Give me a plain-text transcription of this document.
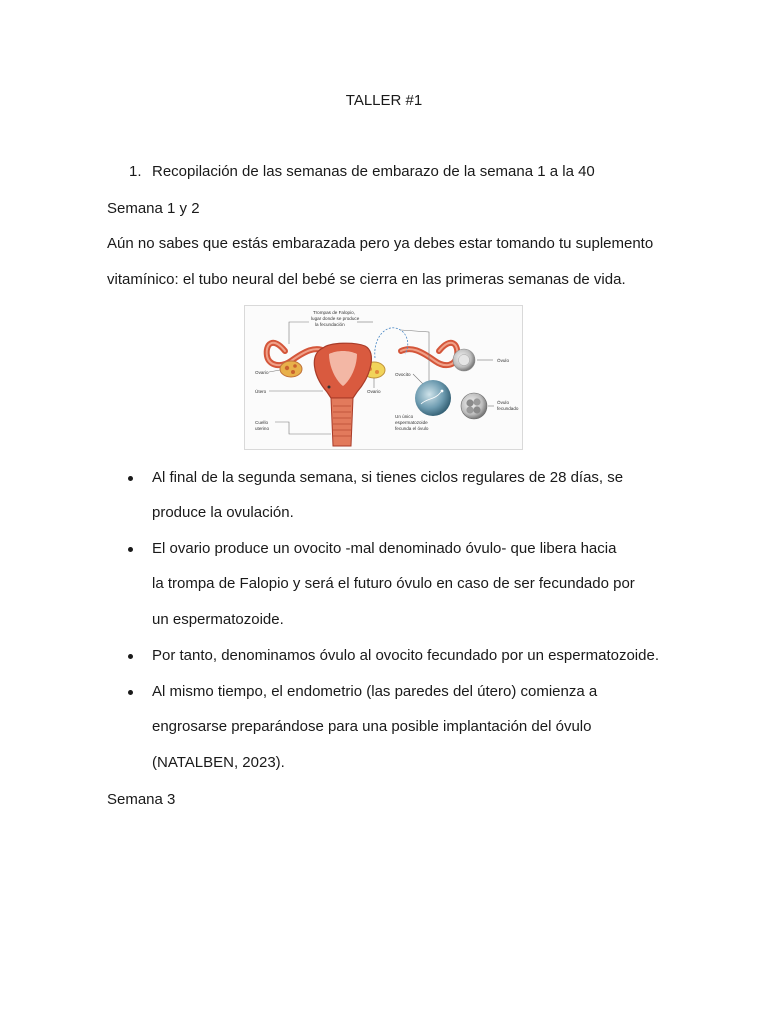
TALLER #1
1. Recopilación de las semanas de embarazo de la semana 1 a la 40
Semana 1 y 2
Aún no sabes que estás embarazada pero ya debes estar tomando tu suplemento
vitamínico: el tubo neural del bebé se cierra en las primeras semanas de vida.
Trompas de Falopio,
lugar donde se produce
la fecundación
Ovario
Útero
Cuello
uterino
Ovario
Ovocito
Un único
espermatozoide
fecunda el óvulo
Óvulo
Óvulo
fecundado
Al final de la segunda semana, si tienes ciclos regulares de 28 días, se
produce la ovulación.
El ovario produce un ovocito -mal denominado óvulo- que libera hacia
la trompa de Falopio y será el futuro óvulo en caso de ser fecundado por
un espermatozoide.
Por tanto, denominamos óvulo al ovocito fecundado por un espermatozoide.
Al mismo tiempo, el endometrio (las paredes del útero) comienza a
engrosarse preparándose para una posible implantación del óvulo
(NATALBEN, 2023).
Semana 3
